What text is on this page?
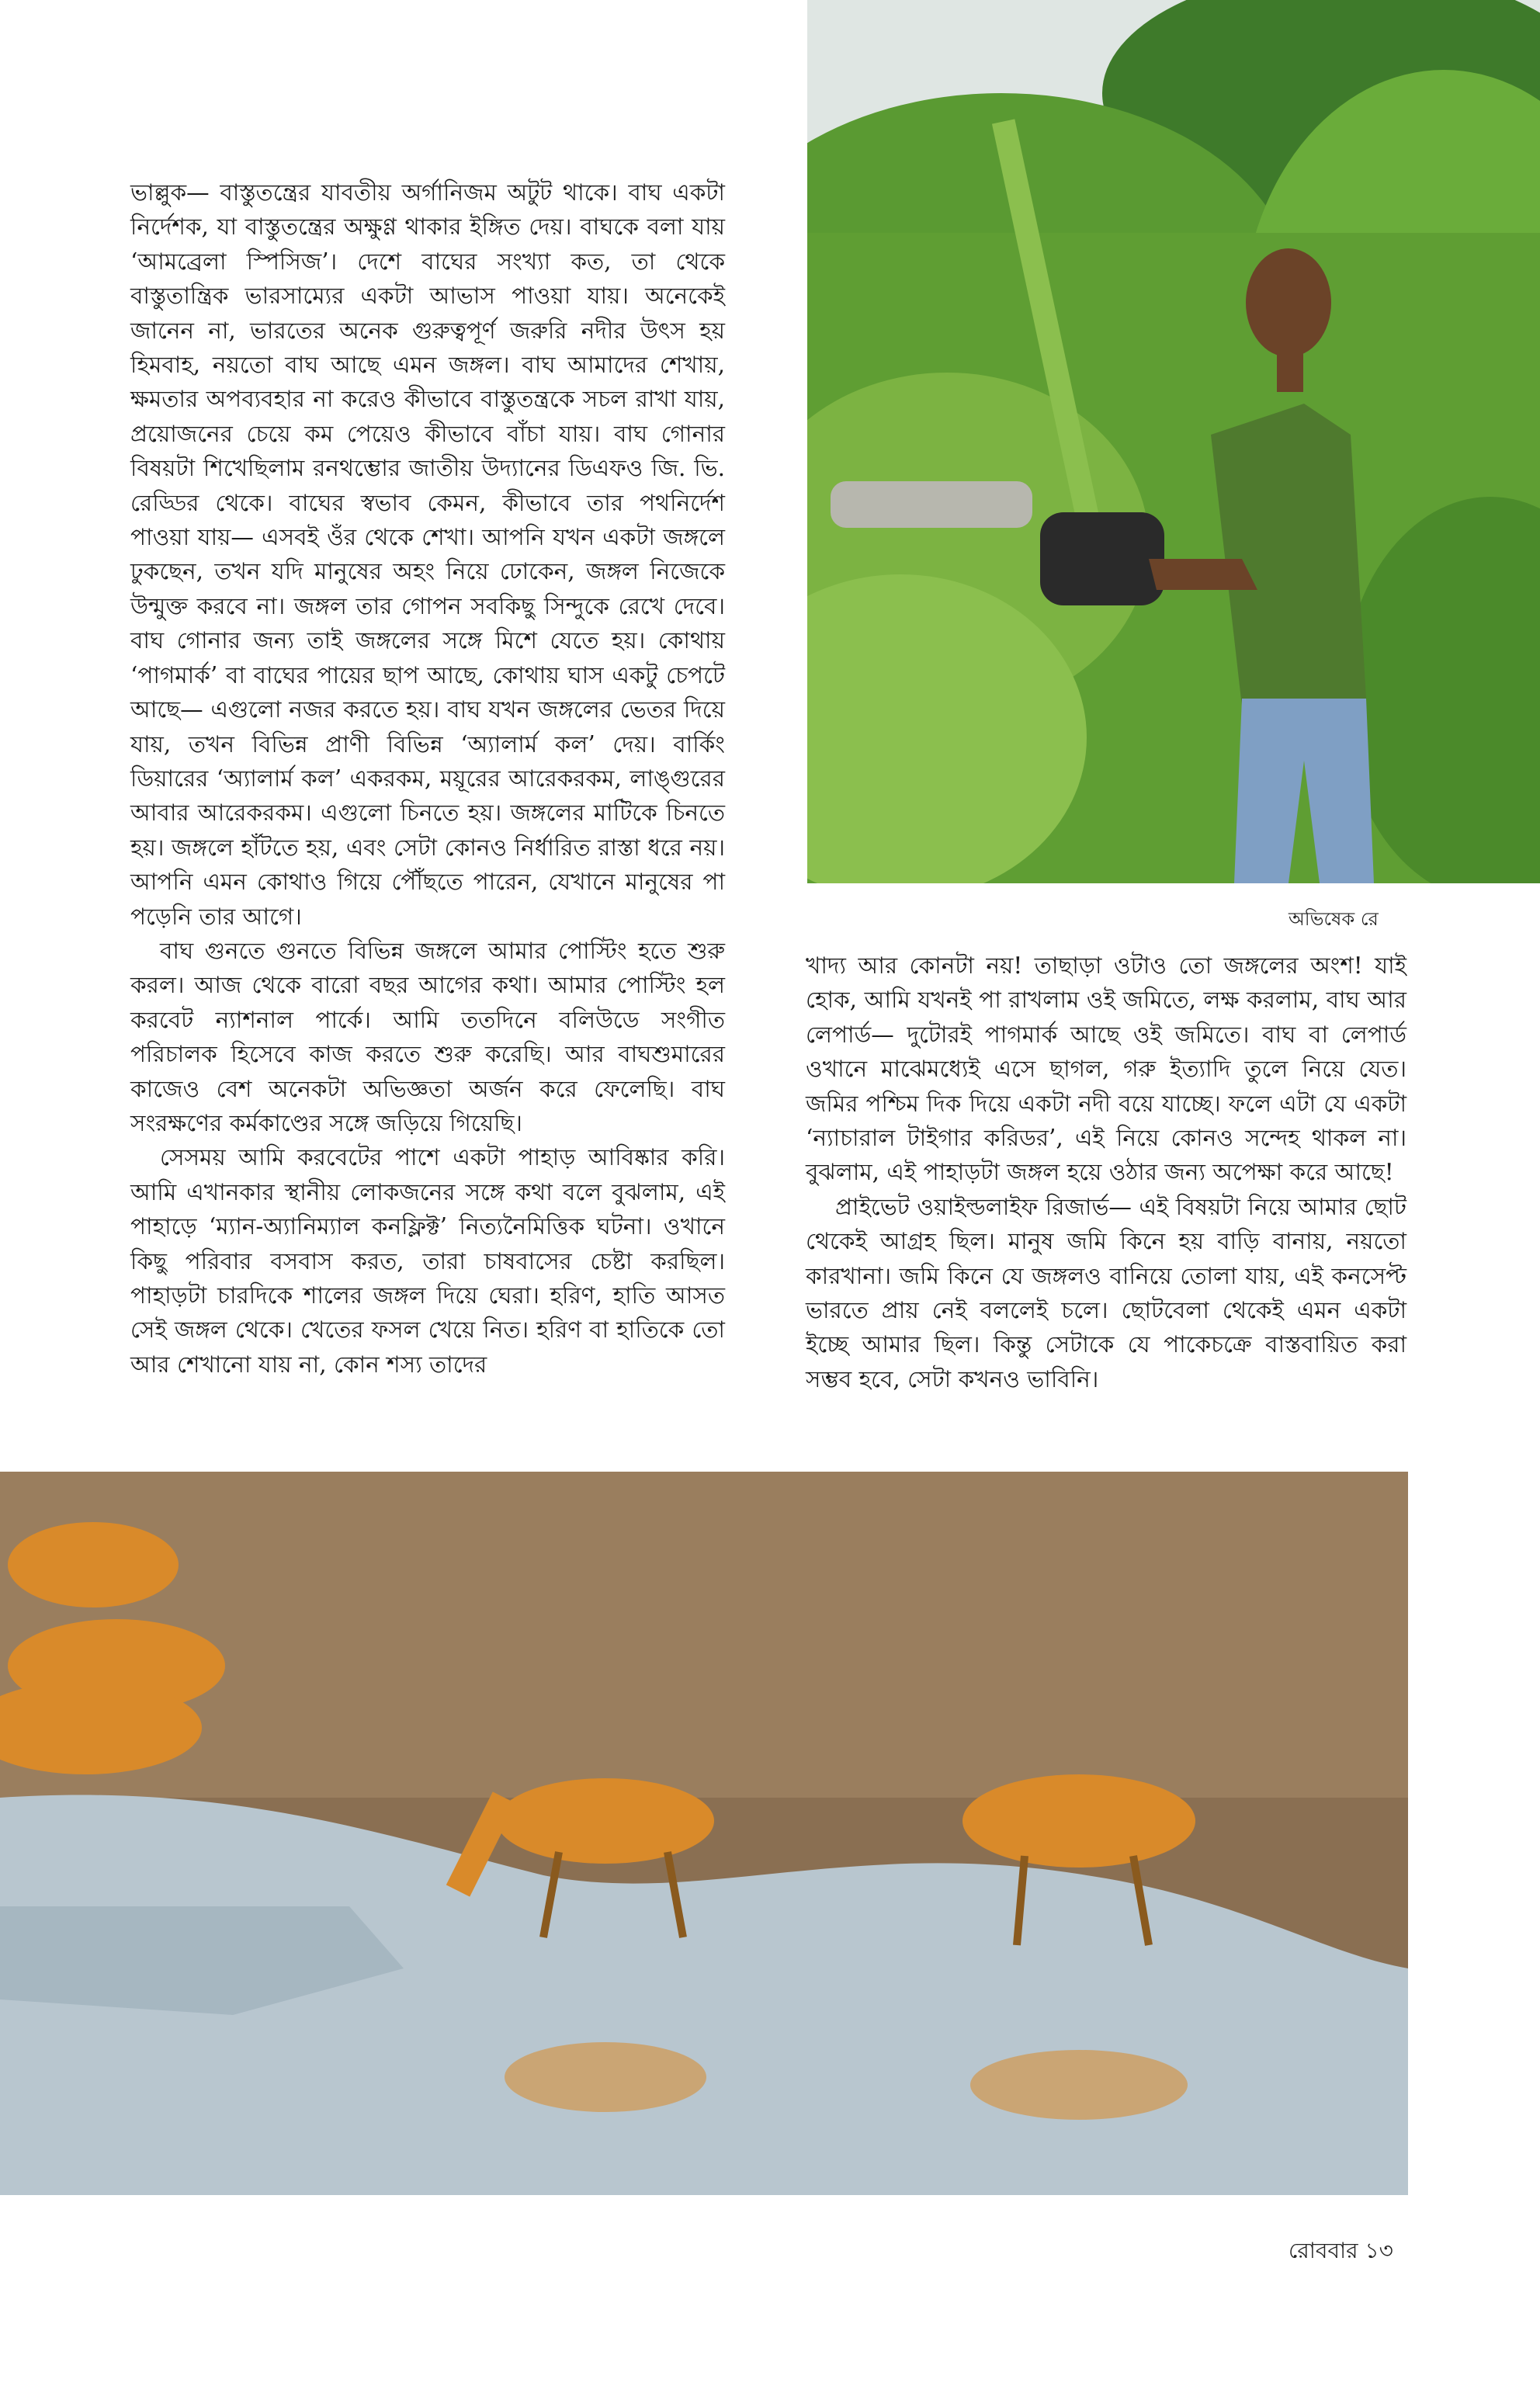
ভাল্লুক— বাস্তুতন্ত্রের যাবতীয় অর্গানিজম অটুট থাকে। বাঘ একটা নির্দেশক, যা বাস্তুতন্ত্রের অক্ষুণ্ণ থাকার ইঙ্গিত দেয়। বাঘকে বলা যায় ‘আমব্রেলা স্পিসিজ’। দেশে বাঘের সংখ্যা কত, তা থেকে বাস্তুতান্ত্রিক ভারসাম্যের একটা আভাস পাওয়া যায়। অনেকেই জানেন না, ভারতের অনেক গুরুত্বপূর্ণ জরুরি নদীর উৎস হয় হিমবাহ, নয়তো বাঘ আছে এমন জঙ্গল। বাঘ আমাদের শেখায়, ক্ষমতার অপব্যবহার না করেও কীভাবে বাস্তুতন্ত্রকে সচল রাখা যায়, প্রয়োজনের চেয়ে কম পেয়েও কীভাবে বাঁচা যায়। বাঘ গোনার বিষয়টা শিখেছিলাম রনথম্ভোর জাতীয় উদ্যানের ডিএফও জি. ভি. রেড্ডির থেকে। বাঘের স্বভাব কেমন, কীভাবে তার পথনির্দেশ পাওয়া যায়— এসবই ওঁর থেকে শেখা। আপনি যখন একটা জঙ্গলে ঢুকছেন, তখন যদি মানুষের অহং নিয়ে ঢোকেন, জঙ্গল নিজেকে উন্মুক্ত করবে না। জঙ্গল তার গোপন সবকিছু সিন্দুকে রেখে দেবে। বাঘ গোনার জন্য তাই জঙ্গলের সঙ্গে মিশে যেতে হয়। কোথায় ‘পাগমার্ক’ বা বাঘের পায়ের ছাপ আছে, কোথায় ঘাস একটু চেপটে আছে— এগুলো নজর করতে হয়। বাঘ যখন জঙ্গলের ভেতর দিয়ে যায়, তখন বিভিন্ন প্রাণী বিভিন্ন ‘অ্যালার্ম কল’ দেয়। বার্কিং ডিয়ারের ‘অ্যালার্ম কল’ একরকম, ময়ূরের আরেকরকম, লাঙ্গুরের আবার আরেকরকম। এগুলো চিনতে হয়। জঙ্গলের মাটিকে চিনতে হয়। জঙ্গলে হাঁটতে হয়, এবং সেটা কোনও নির্ধারিত রাস্তা ধরে নয়। আপনি এমন কোথাও গিয়ে পৌঁছতে পারেন, যেখানে মানুষের পা পড়েনি তার আগে।

বাঘ গুনতে গুনতে বিভিন্ন জঙ্গলে আমার পোস্টিং হতে শুরু করল। আজ থেকে বারো বছর আগের কথা। আমার পোস্টিং হল করবেট ন্যাশনাল পার্কে। আমি ততদিনে বলিউডে সংগীত পরিচালক হিসেবে কাজ করতে শুরু করেছি। আর বাঘশুমারের কাজেও বেশ অনেকটা অভিজ্ঞতা অর্জন করে ফেলেছি। বাঘ সংরক্ষণের কর্মকাণ্ডের সঙ্গে জড়িয়ে গিয়েছি।

সেসময় আমি করবেটের পাশে একটা পাহাড় আবিষ্কার করি। আমি এখানকার স্থানীয় লোকজনের সঙ্গে কথা বলে বুঝলাম, এই পাহাড়ে ‘ম্যান-অ্যানিম্যাল কনফ্লিক্ট’ নিত্যনৈমিত্তিক ঘটনা। ওখানে কিছু পরিবার বসবাস করত, তারা চাষবাসের চেষ্টা করছিল। পাহাড়টা চারদিকে শালের জঙ্গল দিয়ে ঘেরা। হরিণ, হাতি আসত সেই জঙ্গল থেকে। খেতের ফসল খেয়ে নিত। হরিণ বা হাতিকে তো আর শেখানো যায় না, কোন শস্য তাদের

অভিষেক রে

খাদ্য আর কোনটা নয়! তাছাড়া ওটাও তো জঙ্গলের অংশ! যাই হোক, আমি যখনই পা রাখলাম ওই জমিতে, লক্ষ করলাম, বাঘ আর লেপার্ড— দুটোরই পাগমার্ক আছে ওই জমিতে। বাঘ বা লেপার্ড ওখানে মাঝেমধ্যেই এসে ছাগল, গরু ইত্যাদি তুলে নিয়ে যেত। জমির পশ্চিম দিক দিয়ে একটা নদী বয়ে যাচ্ছে। ফলে এটা যে একটা ‘ন্যাচারাল টাইগার করিডর’, এই নিয়ে কোনও সন্দেহ থাকল না। বুঝলাম, এই পাহাড়টা জঙ্গল হয়ে ওঠার জন্য অপেক্ষা করে আছে!

প্রাইভেট ওয়াইল্ডলাইফ রিজার্ভ— এই বিষয়টা নিয়ে আমার ছোট থেকেই আগ্রহ ছিল। মানুষ জমি কিনে হয় বাড়ি বানায়, নয়তো কারখানা। জমি কিনে যে জঙ্গলও বানিয়ে তোলা যায়, এই কনসেপ্ট ভারতে প্রায় নেই বললেই চলে। ছোটবেলা থেকেই এমন একটা ইচ্ছে আমার ছিল। কিন্তু সেটাকে যে পাকেচক্রে বাস্তবায়িত করা সম্ভব হবে, সেটা কখনও ভাবিনি।

রোববার ১৩
